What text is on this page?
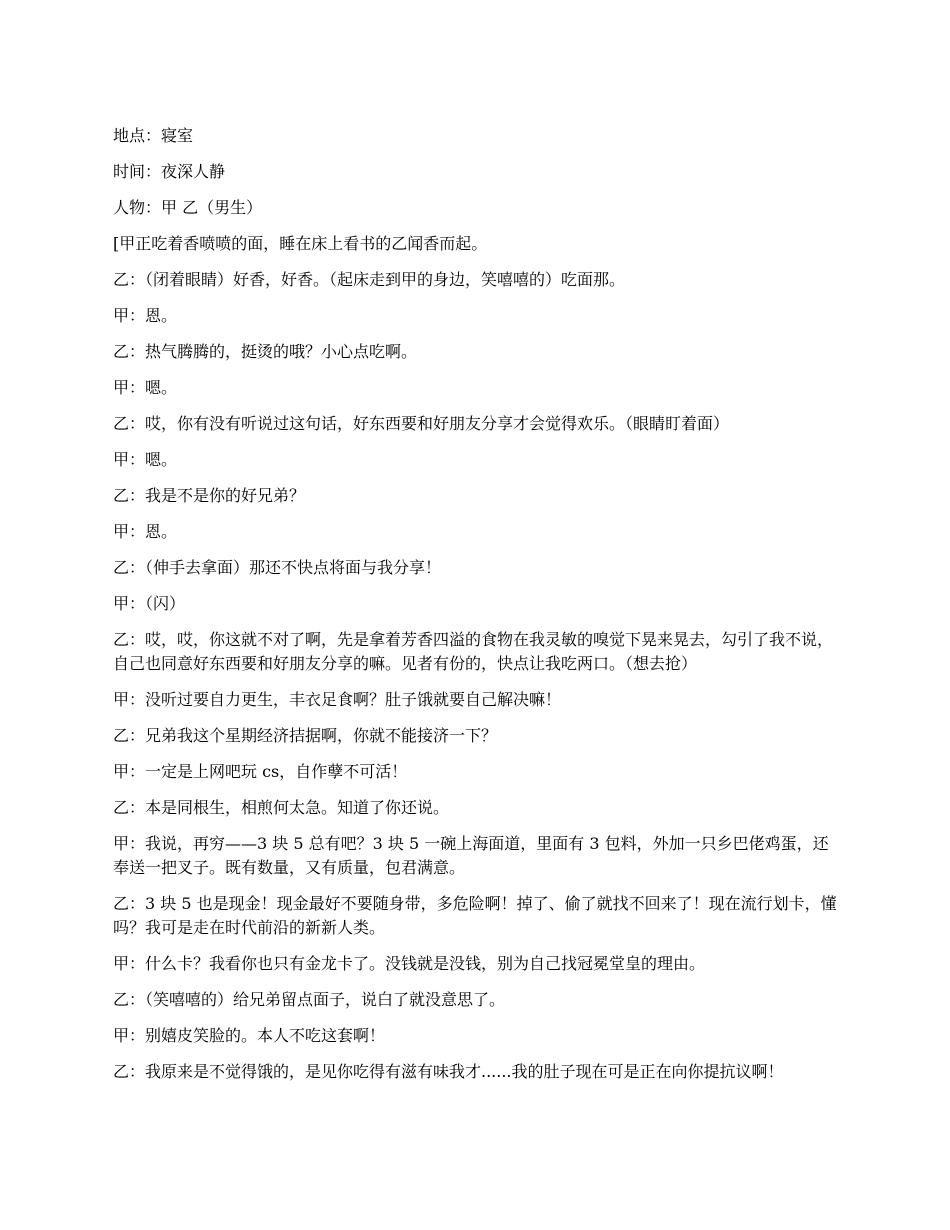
地点：寝室

时间：夜深人静

人物：甲 乙（男生）

[甲正吃着香喷喷的面，睡在床上看书的乙闻香而起。

乙：（闭着眼睛）好香，好香。（起床走到甲的身边，笑嘻嘻的）吃面那。

甲：恩。

乙：热气腾腾的，挺烫的哦？小心点吃啊。

甲：嗯。

乙：哎，你有没有听说过这句话，好东西要和好朋友分享才会觉得欢乐。（眼睛盯着面）

甲：嗯。

乙：我是不是你的好兄弟？

甲：恩。

乙：（伸手去拿面）那还不快点将面与我分享！

甲：（闪）

乙：哎，哎，你这就不对了啊，先是拿着芳香四溢的食物在我灵敏的嗅觉下晃来晃去，勾引了我不说，自己也同意好东西要和好朋友分享的嘛。见者有份的，快点让我吃两口。（想去抢）

甲：没听过要自力更生，丰衣足食啊？肚子饿就要自己解决嘛！

乙：兄弟我这个星期经济拮据啊，你就不能接济一下？

甲：一定是上网吧玩 cs，自作孽不可活！

乙：本是同根生，相煎何太急。知道了你还说。

甲：我说，再穷——3 块 5 总有吧？3 块 5 一碗上海面道，里面有 3 包料，外加一只乡巴佬鸡蛋，还奉送一把叉子。既有数量，又有质量，包君满意。

乙：3 块 5 也是现金！现金最好不要随身带，多危险啊！掉了、偷了就找不回来了！现在流行划卡，懂吗？我可是走在时代前沿的新新人类。

甲：什么卡？我看你也只有金龙卡了。没钱就是没钱，别为自己找冠冕堂皇的理由。

乙：（笑嘻嘻的）给兄弟留点面子，说白了就没意思了。

甲：别嬉皮笑脸的。本人不吃这套啊！

乙：我原来是不觉得饿的，是见你吃得有滋有味我才......我的肚子现在可是正在向你提抗议啊！
